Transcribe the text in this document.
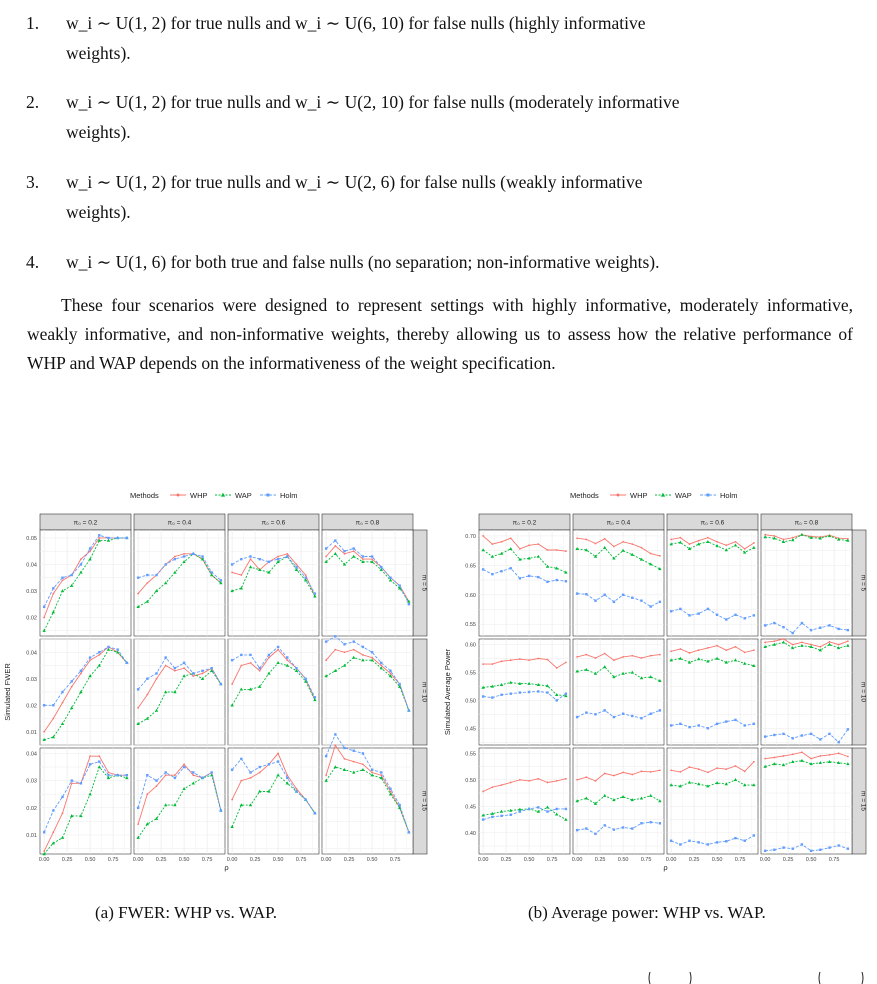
1. w_i ∼ U(1, 2) for true nulls and w_i ∼ U(6, 10) for false nulls (highly informative
weights).
2. w_i ∼ U(1, 2) for true nulls and w_i ∼ U(2, 10) for false nulls (moderately informative
weights).
3. w_i ∼ U(1, 2) for true nulls and w_i ∼ U(2, 6) for false nulls (weakly informative
weights).
4. w_i ∼ U(1, 6) for both true and false nulls (no separation; non-informative weights).
These four scenarios were designed to represent settings with highly informative, moderately informative, weakly informative, and non-informative weights, thereby allowing us to assess how the relative performance of WHP and WAP depends on the informativeness of the weight specification.
Methods	WHP	WAP	Holm
Simulated FWER
π₀ = 0.2	π₀ = 0.4	π₀ = 0.6	π₀ = 0.8
m = 5
0.02
0.03
0.04
0.05
m = 10
0.01
0.02
0.03
0.04
m = 15
0.01
0.02
0.03
0.04
0.00 0.25 0.50 0.75	0.00 0.25 0.50 0.75	0.00 0.25 0.50 0.75	0.00 0.25 0.50 0.75
ρ
Methods	WHP	WAP	Holm
Simulated Average Power
π₀ = 0.2	π₀ = 0.4	π₀ = 0.6	π₀ = 0.8
m = 5
0.55
0.60
0.65
0.70
m = 10
0.45
0.50
0.55
0.60
m = 15
0.40
0.45
0.50
0.55
0.00 0.25 0.50 0.75	0.00 0.25 0.50 0.75	0.00 0.25 0.50 0.75	0.00 0.25 0.50 0.75
ρ
(a) FWER: WHP vs. WAP.	(b) Average power: WHP vs. WAP.
